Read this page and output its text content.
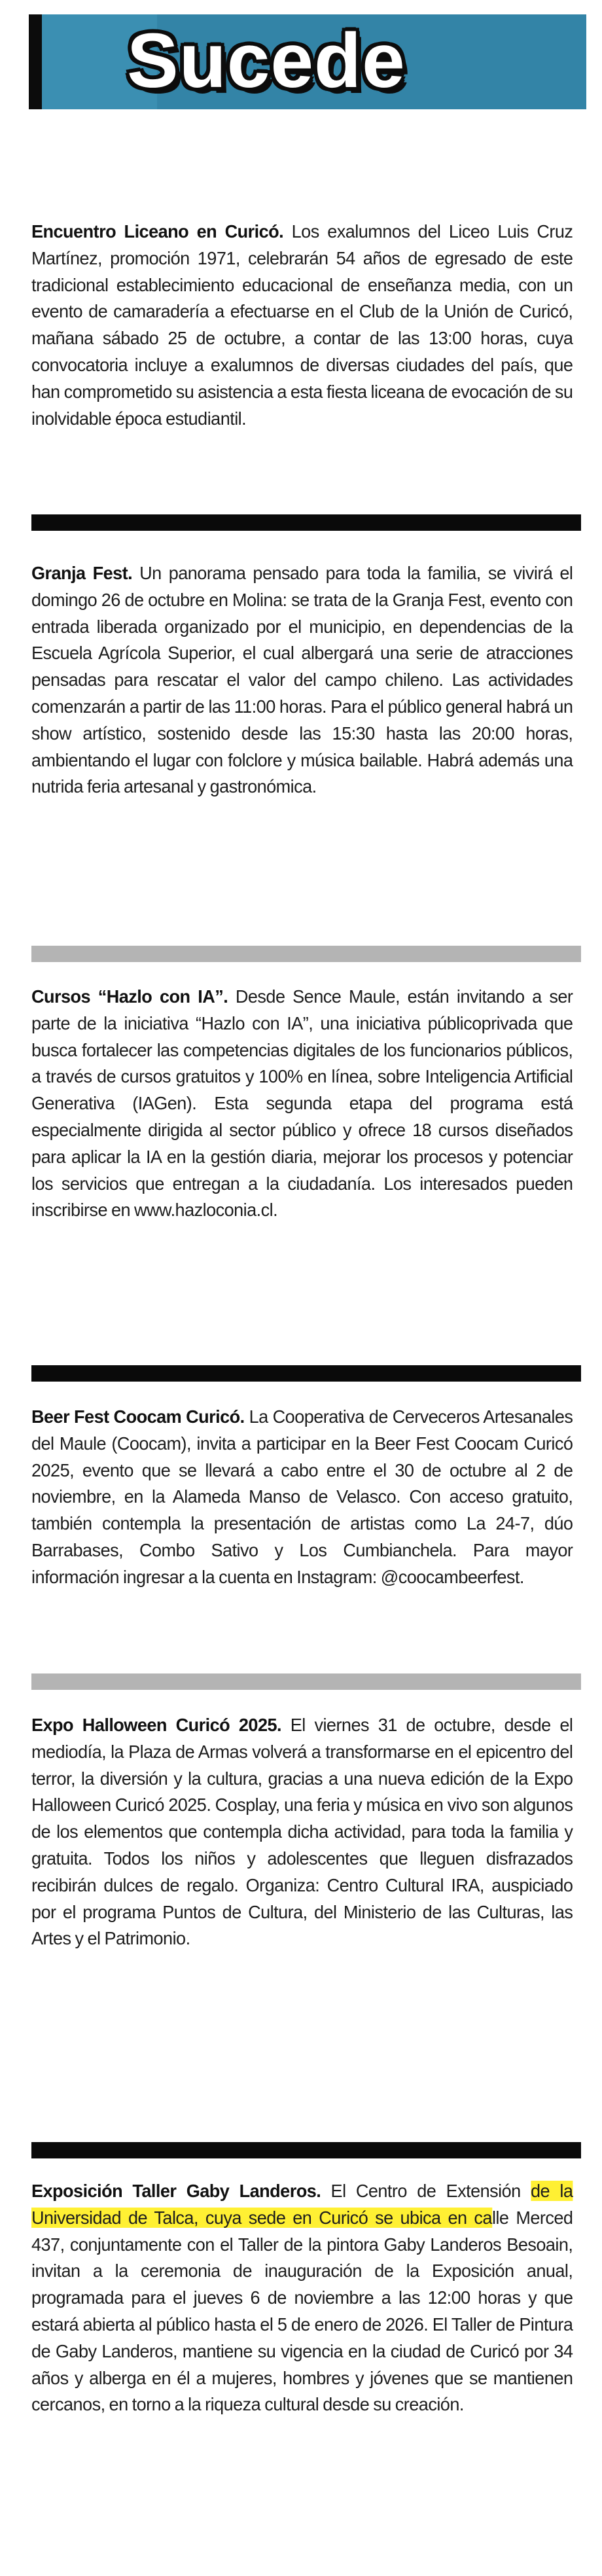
Sucede
Encuentro Liceano en Curicó. Los exalumnos del Liceo Luis Cruz Martínez, promoción 1971, celebrarán 54 años de egresado de este tradicional establecimiento educacional de enseñanza media, con un evento de camaradería a efectuarse en el Club de la Unión de Curicó, mañana sábado 25 de octubre, a contar de las 13:00 horas, cuya convocatoria incluye a exalumnos de diversas ciudades del país, que han comprometido su asistencia a esta fiesta liceana de evocación de su inolvidable época estudiantil.
Granja Fest. Un panorama pensado para toda la familia, se vivirá el domingo 26 de octubre en Molina: se trata de la Granja Fest, evento con entrada liberada organizado por el municipio, en dependencias de la Escuela Agrícola Superior, el cual albergará una serie de atracciones pensadas para rescatar el valor del campo chileno. Las actividades comenzarán a partir de las 11:00 horas. Para el público general habrá un show artístico, sostenido desde las 15:30 hasta las 20:00 horas, ambientando el lugar con folclore y música bailable. Habrá además una nutrida feria artesanal y gastronómica.
Cursos “Hazlo con IA”. Desde Sence Maule, están invitando a ser parte de la iniciativa “Hazlo con IA”, una iniciativa públicoprivada que busca fortalecer las competencias digitales de los funcionarios públicos, a través de cursos gratuitos y 100% en línea, sobre Inteligencia Artificial Generativa (IAGen). Esta segunda etapa del programa está especialmente dirigida al sector público y ofrece 18 cursos diseñados para aplicar la IA en la gestión diaria, mejorar los procesos y potenciar los servicios que entregan a la ciudadanía. Los interesados pueden inscribirse en www.hazloconia.cl.
Beer Fest Coocam Curicó. La Cooperativa de Cerveceros Artesanales del Maule (Coocam), invita a participar en la Beer Fest Coocam Curicó 2025, evento que se llevará a cabo entre el 30 de octubre al 2 de noviembre, en la Alameda Manso de Velasco. Con acceso gratuito, también contempla la presentación de artistas como La 24-7, dúo Barrabases, Combo Sativo y Los Cumbianchela. Para mayor información ingresar a la cuenta en Instagram: @coocambeerfest.
Expo Halloween Curicó 2025. El viernes 31 de octubre, desde el mediodía, la Plaza de Armas volverá a transformarse en el epicentro del terror, la diversión y la cultura, gracias a una nueva edición de la Expo Halloween Curicó 2025. Cosplay, una feria y música en vivo son algunos de los elementos que contempla dicha actividad, para toda la familia y gratuita. Todos los niños y adolescentes que lleguen disfrazados recibirán dulces de regalo. Organiza: Centro Cultural IRA, auspiciado por el programa Puntos de Cultura, del Ministerio de las Culturas, las Artes y el Patrimonio.
Exposición Taller Gaby Landeros. El Centro de Extensión de la Universidad de Talca, cuya sede en Curicó se ubica en calle Merced 437, conjuntamente con el Taller de la pintora Gaby Landeros Besoain, invitan a la ceremonia de inauguración de la Exposición anual, programada para el jueves 6 de noviembre a las 12:00 horas y que estará abierta al público hasta el 5 de enero de 2026. El Taller de Pintura de Gaby Landeros, mantiene su vigencia en la ciudad de Curicó por 34 años y alberga en él a mujeres, hombres y jóvenes que se mantienen cercanos, en torno a la riqueza cultural desde su creación.
